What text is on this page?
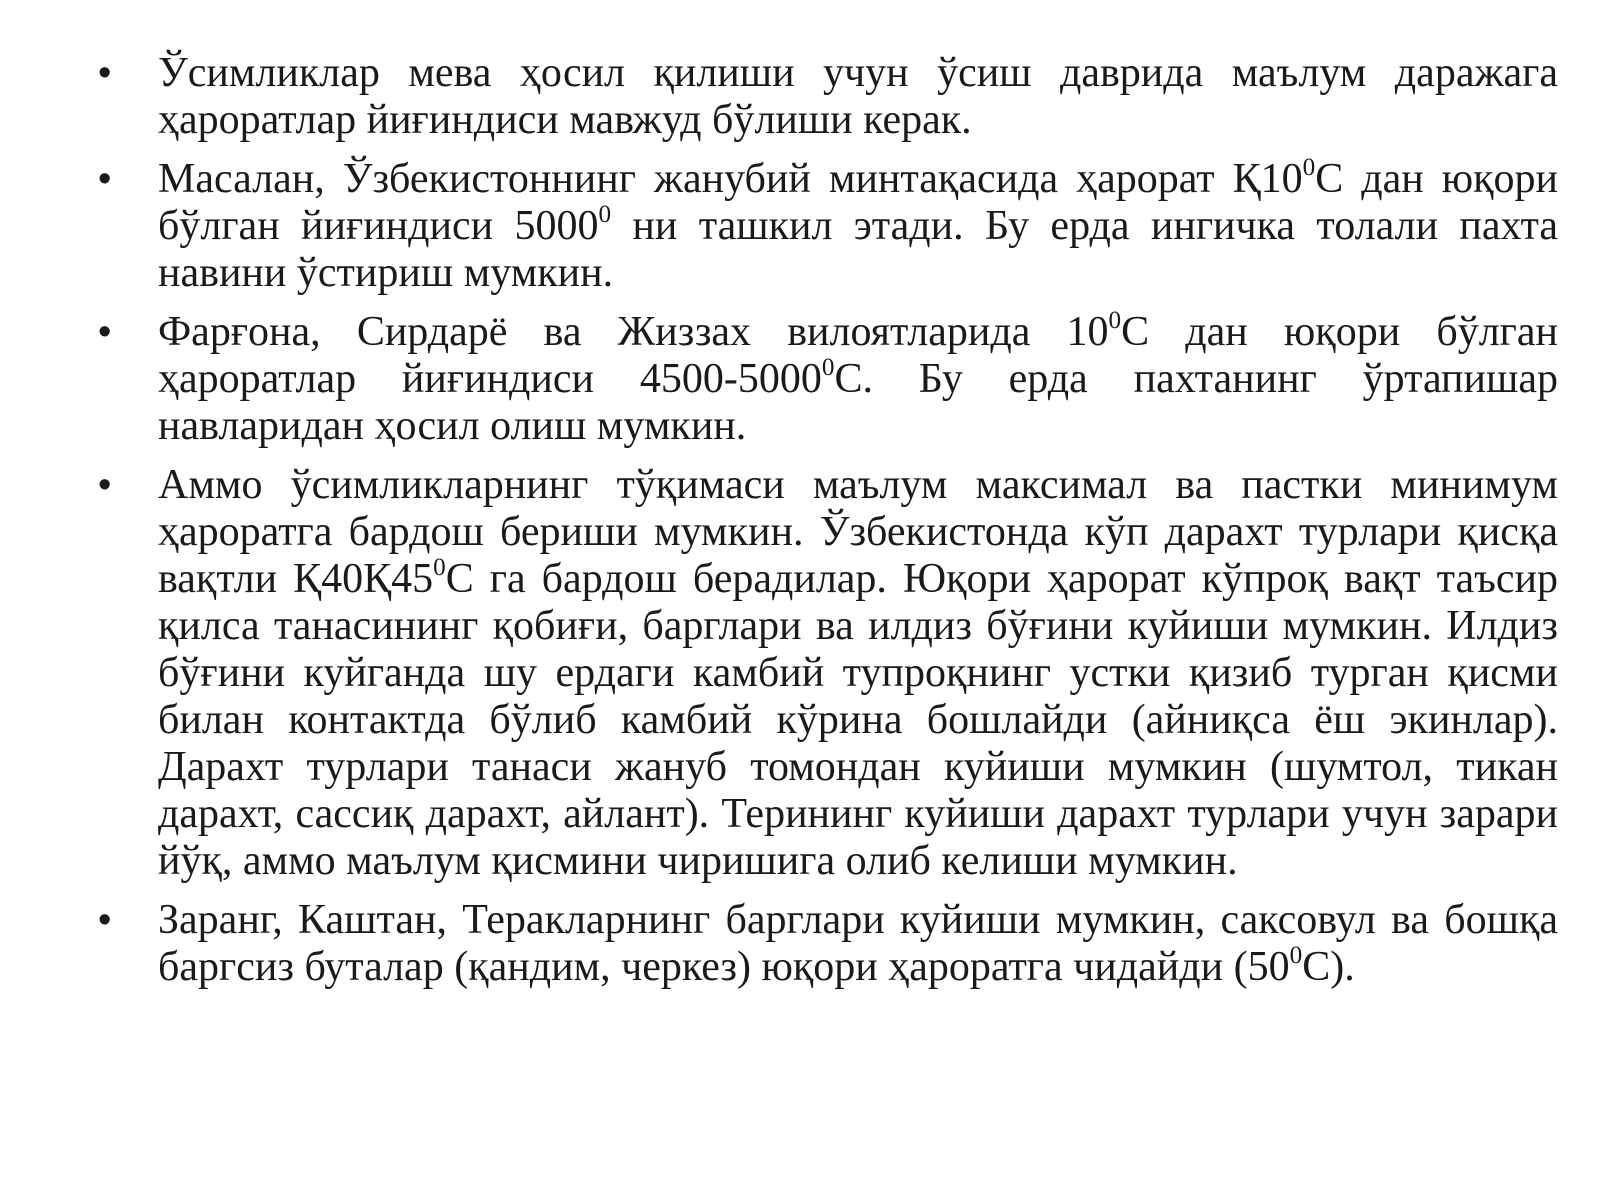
• Ўсимликлар мева ҳосил қилиши учун ўсиш даврида маълум даражага ҳароратлар йиғиндиси мавжуд бўлиши керак.
• Масалан, Ўзбекистоннинг жанубий минтақасида ҳарорат $Қ10^0С$ дан юқори бўлган йиғиндиси 5000$^0$ ни ташкил этади. Бу ерда ингичка толали пахта навини ўстириш мумкин.
• Фарғона, Сирдарё ва Жиззах вилоятларида $10^0С$ дан юқори бўлган ҳароратлар йиғиндиси 4500-5000$^0$С. Бу ерда пахтанинг ўртапишар навларидан ҳосил олиш мумкин.
• Аммо ўсимликларнинг тўқимаси маълум максимал ва пастки минимум ҳароратга бардош бериши мумкин. Ўзбекистонда кўп дарахт турлари қисқа вақтли $Қ40Қ45^0С$ га бардош берадилар. Юқори ҳарорат кўпроқ вақт таъсир қилса танасининг қобиғи, барглари ва илдиз бўғини куйиши мумкин. Илдиз бўғини куйганда шу ердаги камбий тупроқнинг устки қизиб турган қисми билан контактда бўлиб камбий кўрина бошлайди (айниқса ёш экинлар). Дарахт турлари танаси жануб томондан куйиши мумкин (шумтол, тикан дарахт, сассиқ дарахт, айлант). Терининг куйиши дарахт турлари учун зарари йўқ, аммо маълум қисмини чиришига олиб келиши мумкин.
• Заранг, Каштан, Теракларнинг барглари куйиши мумкин, саксовул ва бошқа баргсиз буталар (қандим, черкез) юқори ҳароратга чидайди $(50^0С)$.
